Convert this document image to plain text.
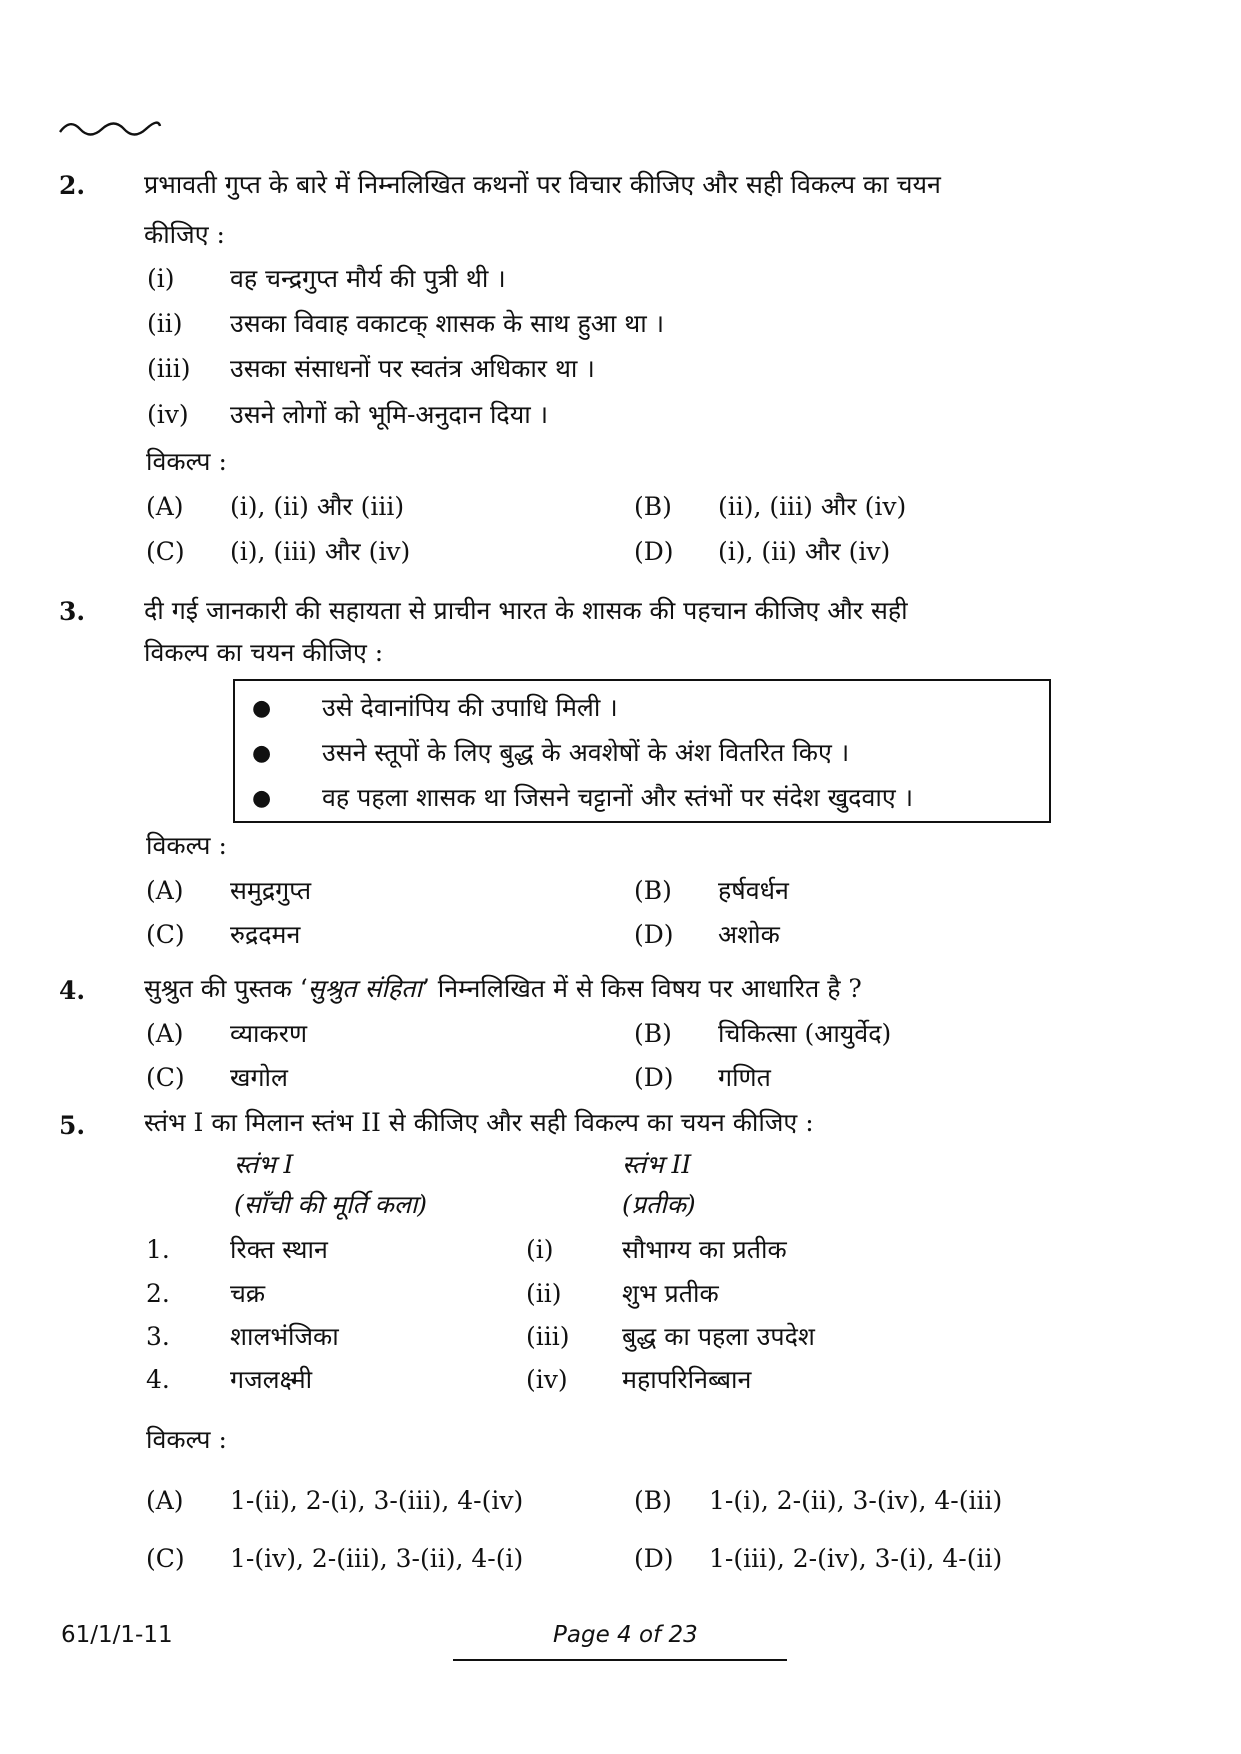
2. प्रभावती गुप्त के बारे में निम्नलिखित कथनों पर विचार कीजिए और सही विकल्प का चयन
कीजिए :
(i) वह चन्द्रगुप्त मौर्य की पुत्री थी ।
(ii) उसका विवाह वकाटक् शासक के साथ हुआ था ।
(iii) उसका संसाधनों पर स्वतंत्र अधिकार था ।
(iv) उसने लोगों को भूमि-अनुदान दिया ।
विकल्प :
(A) (i), (ii) और (iii)	(B) (ii), (iii) और (iv)
(C) (i), (iii) और (iv)	(D) (i), (ii) और (iv)
3. दी गई जानकारी की सहायता से प्राचीन भारत के शासक की पहचान कीजिए और सही
विकल्प का चयन कीजिए :
● उसे देवानांपिय की उपाधि मिली ।
● उसने स्तूपों के लिए बुद्ध के अवशेषों के अंश वितरित किए ।
● वह पहला शासक था जिसने चट्टानों और स्तंभों पर संदेश खुदवाए ।
विकल्प :
(A) समुद्रगुप्त	(B) हर्षवर्धन
(C) रुद्रदमन	(D) अशोक
4. सुश्रुत की पुस्तक ‘सुश्रुत संहिता’ निम्नलिखित में से किस विषय पर आधारित है ?
(A) व्याकरण	(B) चिकित्सा (आयुर्वेद)
(C) खगोल	(D) गणित
5. स्तंभ I का मिलान स्तंभ II से कीजिए और सही विकल्प का चयन कीजिए :
स्तंभ I
(साँची की मूर्ति कला)
स्तंभ II
(प्रतीक)
1. रिक्त स्थान	(i)	सौभाग्य का प्रतीक
2. चक्र	(ii) शुभ प्रतीक
3. शालभंजिका	(iii) बुद्ध का पहला उपदेश
4. गजलक्ष्मी	(iv) महापरिनिब्बान
विकल्प :
(A) 1-(ii), 2-(i), 3-(iii), 4-(iv)	(B) 1-(i), 2-(ii), 3-(iv), 4-(iii)
(C) 1-(iv), 2-(iii), 3-(ii), 4-(i)	(D) 1-(iii), 2-(iv), 3-(i), 4-(ii)
61/1/1-11	Page 4 of 23
